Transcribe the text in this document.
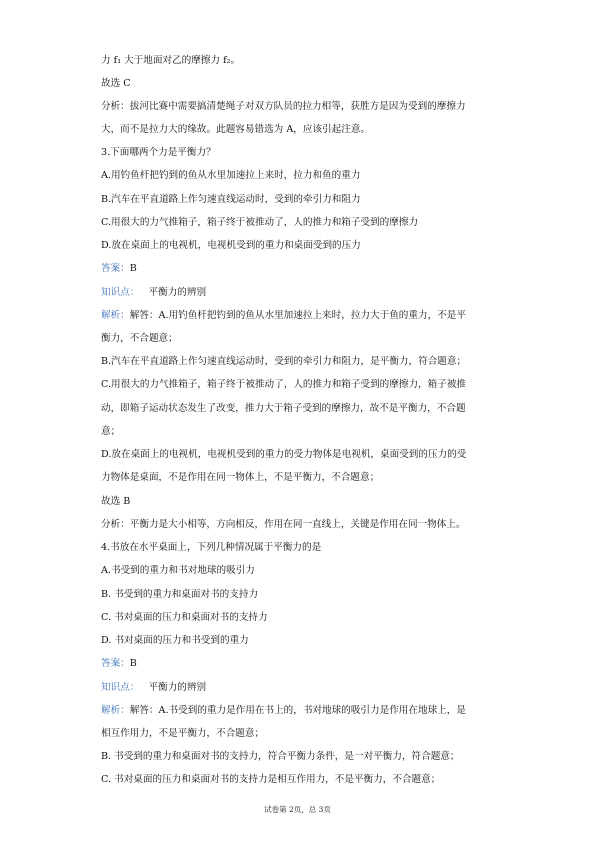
力 f₁ 大于地面对乙的摩擦力 f₂。
故选 C
分析：拔河比赛中需要搞清楚绳子对双方队员的拉力相等，获胜方是因为受到的摩擦力
大，而不是拉力大的缘故。此题容易错选为 A，应该引起注意。
3.下面哪两个力是平衡力？
A.用钓鱼杆把钓到的鱼从水里加速拉上来时，拉力和鱼的重力
B.汽车在平直道路上作匀速直线运动时，受到的牵引力和阻力
C.用很大的力气推箱子，箱子终于被推动了，人的推力和箱子受到的摩擦力
D.放在桌面上的电视机，电视机受到的重力和桌面受到的压力
答案：B
知识点： 平衡力的辨别
解析：解答：A.用钓鱼杆把钓到的鱼从水里加速拉上来时，拉力大于鱼的重力，不是平
衡力，不合题意；
B.汽车在平直道路上作匀速直线运动时，受到的牵引力和阻力，是平衡力，符合题意；
C.用很大的力气推箱子，箱子终于被推动了，人的推力和箱子受到的摩擦力，箱子被推
动，即箱子运动状态发生了改变，推力大于箱子受到的摩擦力，故不是平衡力，不合题
意；
D.放在桌面上的电视机，电视机受到的重力的受力物体是电视机，桌面受到的压力的受
力物体是桌面，不是作用在同一物体上，不是平衡力，不合题意；
故选 B
分析：平衡力是大小相等，方向相反，作用在同一直线上，关键是作用在同一物体上。
4.书放在水平桌面上，下列几种情况属于平衡力的是
A.书受到的重力和书对地球的吸引力
B. 书受到的重力和桌面对书的支持力
C. 书对桌面的压力和桌面对书的支持力
D. 书对桌面的压力和书受到的重力
答案：B
知识点： 平衡力的辨别
解析：解答：A.书受到的重力是作用在书上的，书对地球的吸引力是作用在地球上，是
相互作用力，不是平衡力，不合题意；
B. 书受到的重力和桌面对书的支持力，符合平衡力条件，是一对平衡力，符合题意；
C. 书对桌面的压力和桌面对书的支持力是相互作用力，不是平衡力，不合题意；
试卷第 2页，总 3页
